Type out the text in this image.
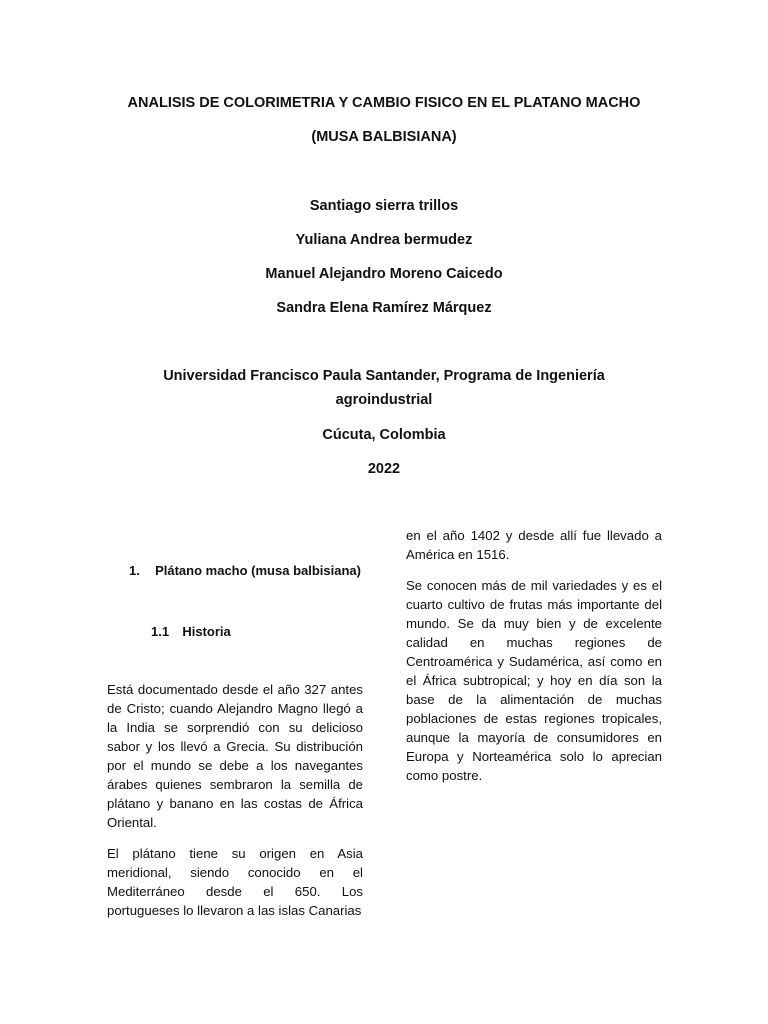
ANALISIS DE COLORIMETRIA Y CAMBIO FISICO EN EL PLATANO MACHO
(MUSA BALBISIANA)
Santiago sierra trillos
Yuliana Andrea bermudez
Manuel Alejandro Moreno Caicedo
Sandra Elena Ramírez Márquez
Universidad Francisco Paula Santander, Programa de Ingeniería
agroindustrial
Cúcuta, Colombia
2022
1. Plátano macho (musa balbisiana)
1.1 Historia

Está documentado desde el año 327 antes de Cristo; cuando Alejandro Magno llegó a la India se sorprendió con su delicioso sabor y los llevó a Grecia. Su distribución por el mundo se debe a los navegantes árabes quienes sembraron la semilla de plátano y banano en las costas de África Oriental.

El plátano tiene su origen en Asia meridional, siendo conocido en el Mediterráneo desde el 650. Los portugueses lo llevaron a las islas Canarias

en el año 1402 y desde allí fue llevado a América en 1516.

Se conocen más de mil variedades y es el cuarto cultivo de frutas más importante del mundo. Se da muy bien y de excelente calidad en muchas regiones de Centroamérica y Sudamérica, así como en el África subtropical; y hoy en día son la base de la alimentación de muchas poblaciones de estas regiones tropicales, aunque la mayoría de consumidores en Europa y Norteamérica solo lo aprecian como postre.
